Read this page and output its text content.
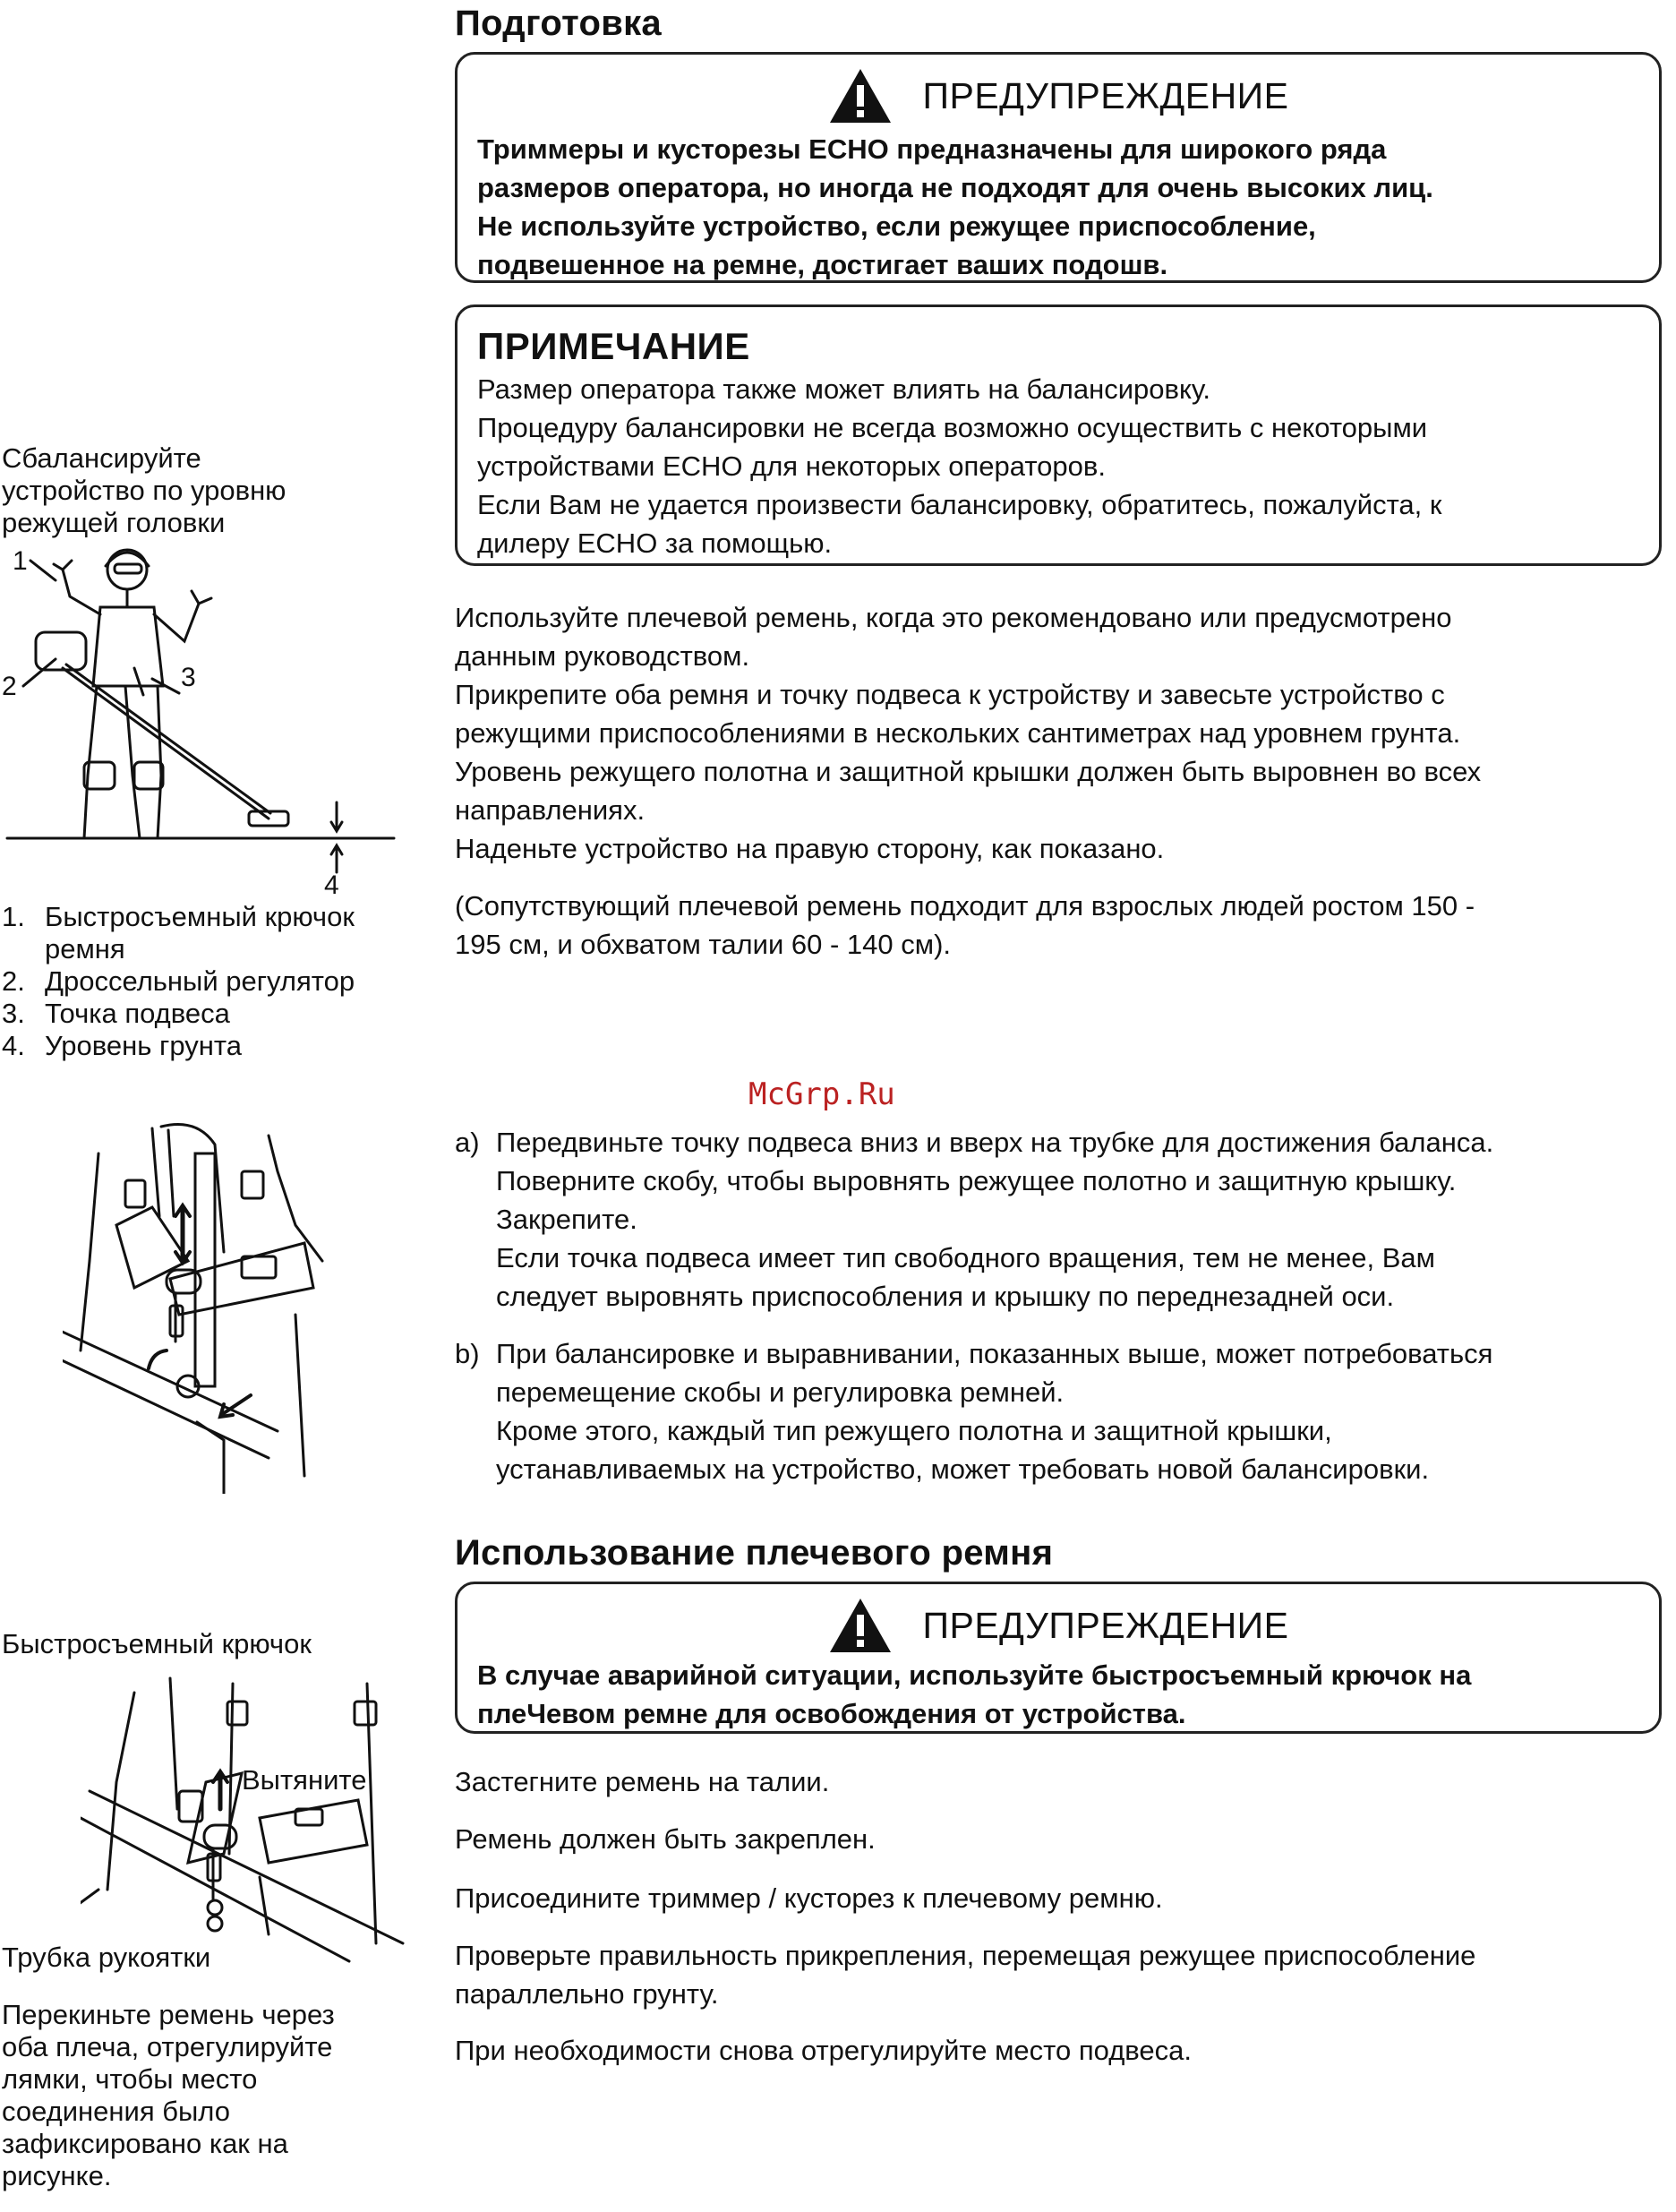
Подготовка
ПРЕДУПРЕЖДЕНИЕ
Триммеры и кусторезы ECHO предназначены для широкого ряда
размеров оператора, но иногда не подходят для очень высоких лиц.
Не используйте устройство, если режущее приспособление,
подвешенное на ремне, достигает ваших подошв.
ПРИМЕЧАНИЕ
Размер оператора также может влиять на балансировку.
Процедуру балансировки не всегда возможно осуществить с некоторыми
устройствами ECHO для некоторых операторов.
Если Вам не удается произвести балансировку, обратитесь, пожалуйста, к
дилеру ECHO за помощью.
Используйте плечевой ремень, когда это рекомендовано или предусмотрено
данным руководством.
Прикрепите оба ремня и точку подвеса к устройству и завесьте устройство с
режущими приспособлениями в нескольких сантиметрах над уровнем грунта.
Уровень режущего полотна и защитной крышки должен быть выровнен во всех
направлениях.
Наденьте устройство на правую сторону, как показано.
(Сопутствующий плечевой ремень подходит для взрослых людей ростом 150 -
195 см, и обхватом талии 60 - 140 см).
Сбалансируйте
устройство по уровню
режущей головки
1
2	3
4
1. Быстросъемный крючок
ремня
2. Дроссельный регулятор
3. Точка подвеса
4. Уровень грунта
McGrp.Ru
a) Передвиньте точку подвеса вниз и вверх на трубке для достижения баланса.
Поверните скобу, чтобы выровнять режущее полотно и защитную крышку.
Закрепите.
Если точка подвеса имеет тип свободного вращения, тем не менее, Вам
следует выровнять приспособления и крышку по переднезадней оси.
b) При балансировке и выравнивании, показанных выше, может потребоваться
перемещение скобы и регулировка ремней.
Кроме этого, каждый тип режущего полотна и защитной крышки,
устанавливаемых на устройство, может требовать новой балансировки.
Использование плечевого ремня
ПРЕДУПРЕЖДЕНИЕ
В случае аварийной ситуации, используйте быстросъемный крючок на
плеЧевом ремне для освобождения от устройства.
Застегните ремень на талии.
Ремень должен быть закреплен.
Присоедините триммер / кусторез к плечевому ремню.
Проверьте правильность прикрепления, перемещая режущее приспособление
параллельно грунту.
При необходимости снова отрегулируйте место подвеса.
Быстросъемный крючок
Вытяните
Трубка рукоятки
Перекиньте ремень через
оба плеча, отрегулируйте
лямки, чтобы место
соединения было
зафиксировано как на
рисунке.
